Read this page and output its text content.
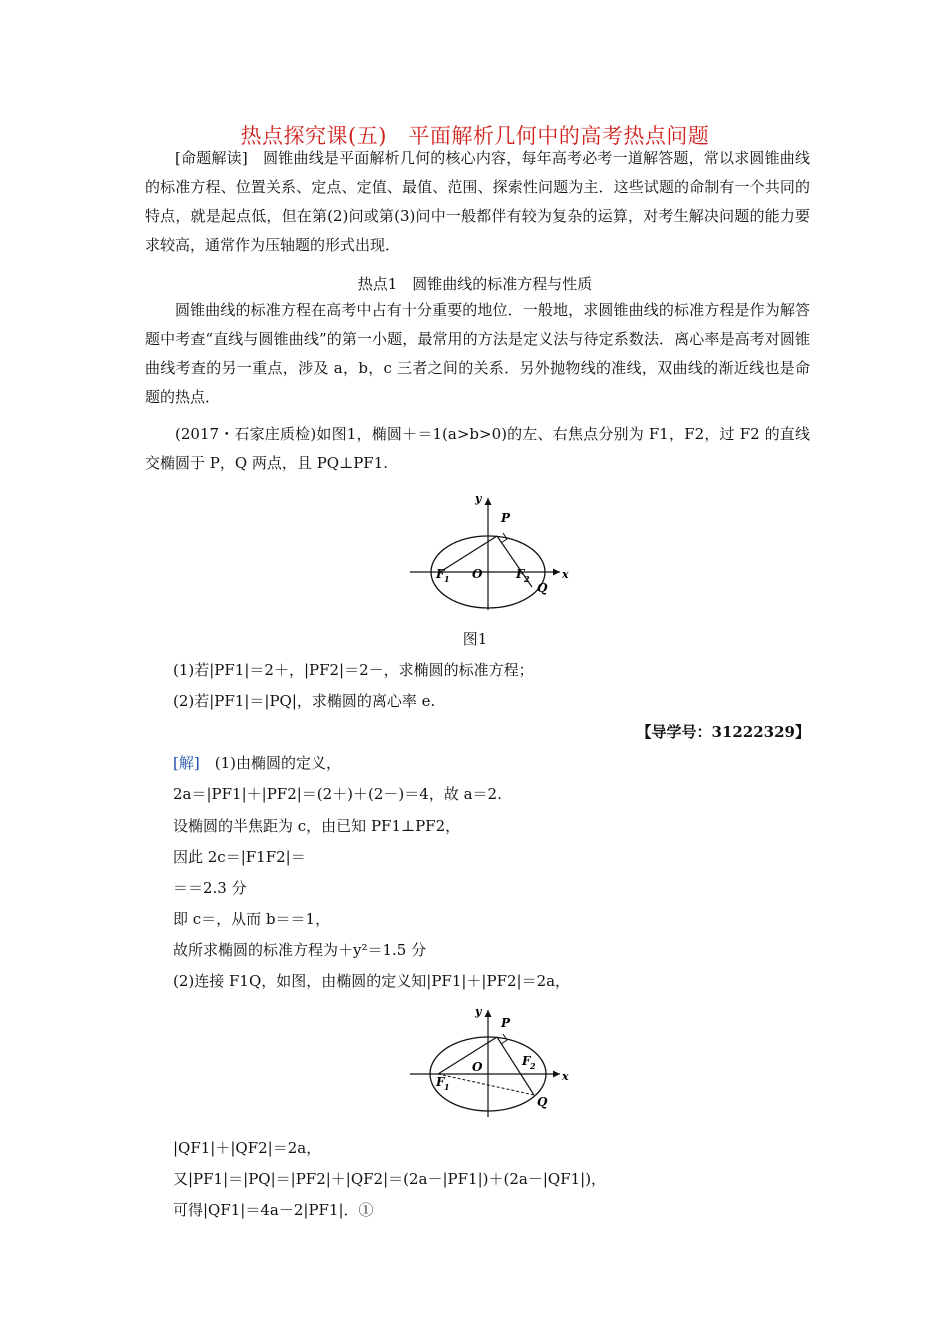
热点探究课(五)　平面解析几何中的高考热点问题
[命题解读]　圆锥曲线是平面解析几何的核心内容，每年高考必考一道解答题，常以求圆锥曲线的标准方程、位置关系、定点、定值、最值、范围、探索性问题为主．这些试题的命制有一个共同的特点，就是起点低，但在第(2)问或第(3)问中一般都伴有较为复杂的运算，对考生解决问题的能力要求较高，通常作为压轴题的形式出现．
热点1　圆锥曲线的标准方程与性质
圆锥曲线的标准方程在高考中占有十分重要的地位．一般地，求圆锥曲线的标准方程是作为解答题中考查“直线与圆锥曲线”的第一小题，最常用的方法是定义法与待定系数法．离心率是高考对圆锥曲线考查的另一重点，涉及 a，b，c 三者之间的关系．另外抛物线的准线，双曲线的渐近线也是命题的热点．
(2017・石家庄质检)如图1，椭圆＋＝1(a>b>0)的左、右焦点分别为 F1，F2，过 F2 的直线交椭圆于 P，Q 两点，且 PQ⊥PF1.
y
x
P
O
F 1	F 2
Q
图1
(1)若|PF1|＝2＋，|PF2|＝2－，求椭圆的标准方程；
(2)若|PF1|＝|PQ|，求椭圆的离心率 e.
【导学号：31222329】
[解]　(1)由椭圆的定义，
2a＝|PF1|＋|PF2|＝(2＋)＋(2－)＝4，故 a＝2.
设椭圆的半焦距为 c，由已知 PF1⊥PF2，
因此 2c＝|F1F2|＝
＝＝2.3 分
即 c＝，从而 b＝＝1，
故所求椭圆的标准方程为＋y²＝1.5 分
(2)连接 F1Q，如图，由椭圆的定义知|PF1|＋|PF2|＝2a，
y
x
P
O
F 1
F 2
Q
|QF1|＋|QF2|＝2a，
又|PF1|＝|PQ|＝|PF2|＋|QF2|＝(2a－|PF1|)＋(2a－|QF1|)，
可得|QF1|＝4a－2|PF1|．①
